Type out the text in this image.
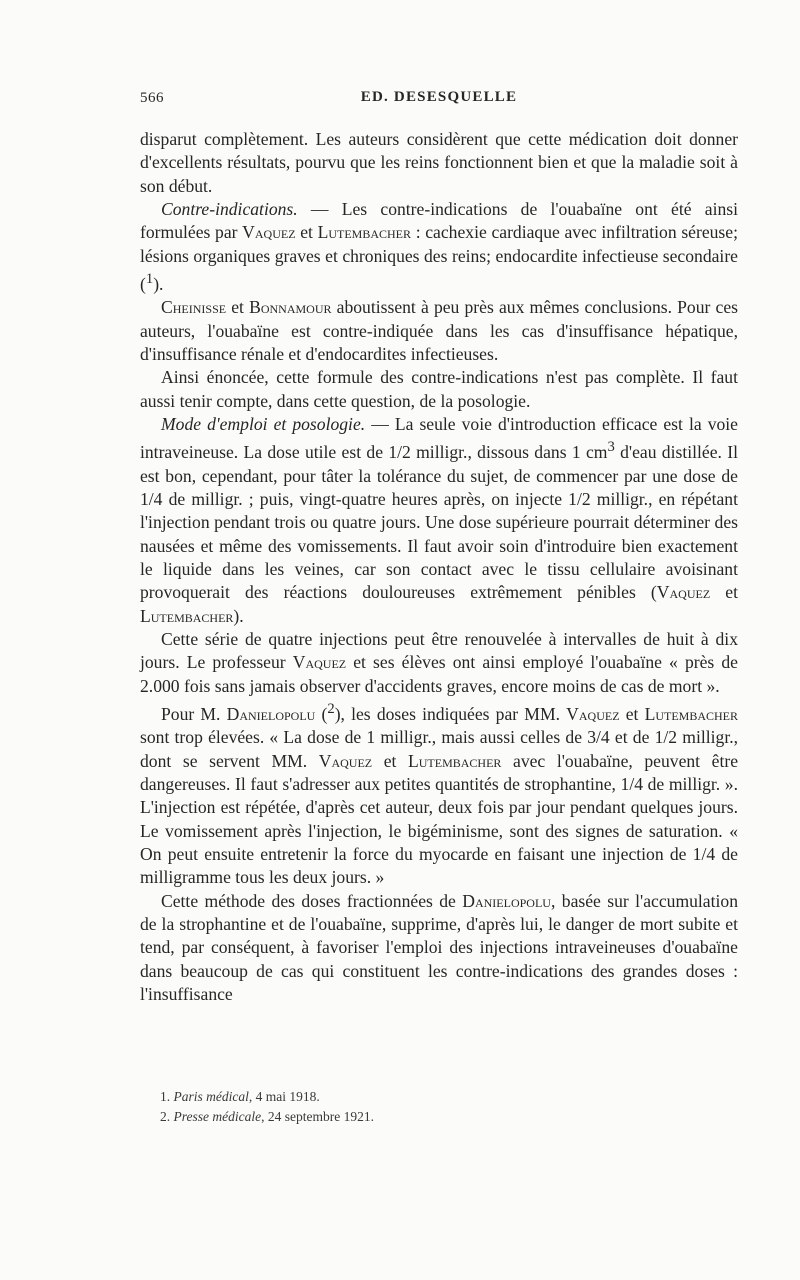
566	ED. DESESQUELLE

disparut complètement. Les auteurs considèrent que cette médication doit donner d'excellents résultats, pourvu que les reins fonctionnent bien et que la maladie soit à son début.

Contre-indications. — Les contre-indications de l'ouabaïne ont été ainsi formulées par Vaquez et Lutembacher : cachexie cardiaque avec infiltration séreuse; lésions organiques graves et chroniques des reins; endocardite infectieuse secondaire ($^1$).

Cheinisse et Bonnamour aboutissent à peu près aux mêmes conclusions. Pour ces auteurs, l'ouabaïne est contre-indiquée dans les cas d'insuffisance hépatique, d'insuffisance rénale et d'endocardites infectieuses.

Ainsi énoncée, cette formule des contre-indications n'est pas complète. Il faut aussi tenir compte, dans cette question, de la posologie.

Mode d'emploi et posologie. — La seule voie d'introduction efficace est la voie intraveineuse. La dose utile est de 1/2 milligr., dissous dans 1 $cm^3$ d'eau distillée. Il est bon, cependant, pour tâter la tolérance du sujet, de commencer par une dose de 1/4 de milligr. ; puis, vingt-quatre heures après, on injecte 1/2 milligr., en répétant l'injection pendant trois ou quatre jours. Une dose supérieure pourrait déterminer des nausées et même des vomissements. Il faut avoir soin d'introduire bien exactement le liquide dans les veines, car son contact avec le tissu cellulaire avoisinant provoquerait des réactions douloureuses extrêmement pénibles (Vaquez et Lutembacher).

Cette série de quatre injections peut être renouvelée à intervalles de huit à dix jours. Le professeur Vaquez et ses élèves ont ainsi employé l'ouabaïne « près de 2.000 fois sans jamais observer d'accidents graves, encore moins de cas de mort ».

Pour M. Danielopolu ($^2$), les doses indiquées par MM. Vaquez et Lutembacher sont trop élevées. « La dose de 1 milligr., mais aussi celles de 3/4 et de 1/2 milligr., dont se servent MM. Vaquez et Lutembacher avec l'ouabaïne, peuvent être dangereuses. Il faut s'adresser aux petites quantités de strophantine, 1/4 de milligr. ». L'injection est répétée, d'après cet auteur, deux fois par jour pendant quelques jours. Le vomissement après l'injection, le bigéminisme, sont des signes de saturation. « On peut ensuite entretenir la force du myocarde en faisant une injection de 1/4 de milligramme tous les deux jours. »

Cette méthode des doses fractionnées de Danielopolu, basée sur l'accumulation de la strophantine et de l'ouabaïne, supprime, d'après lui, le danger de mort subite et tend, par conséquent, à favoriser l'emploi des injections intraveineuses d'ouabaïne dans beaucoup de cas qui constituent les contre-indications des grandes doses : l'insuffisance

1. Paris médical, 4 mai 1918.
2. Presse médicale, 24 septembre 1921.
